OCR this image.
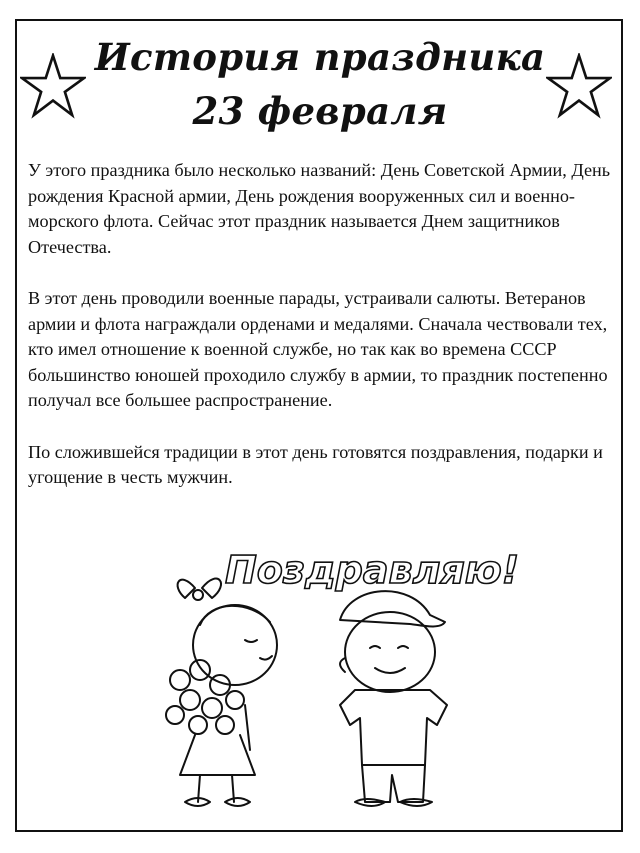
История праздника 23 февраля

У этого праздника было несколько названий: День Советской Армии, День рождения Красной армии, День рождения вооруженных сил и военно-морского флота. Сейчас этот праздник называется Днем защитников Отечества.

В этот день проводили военные парады, устраивали салюты. Ветеранов армии и флота награждали орденами и медалями. Сначала чествовали тех, кто имел отношение к военной службе, но так как во времена СССР большинство юношей проходило службу в армии, то праздник постепенно получал все большее распространение.

По сложившейся традиции в этот день готовятся поздравления, подарки и угощение в честь мужчин.

Поздравляю!
